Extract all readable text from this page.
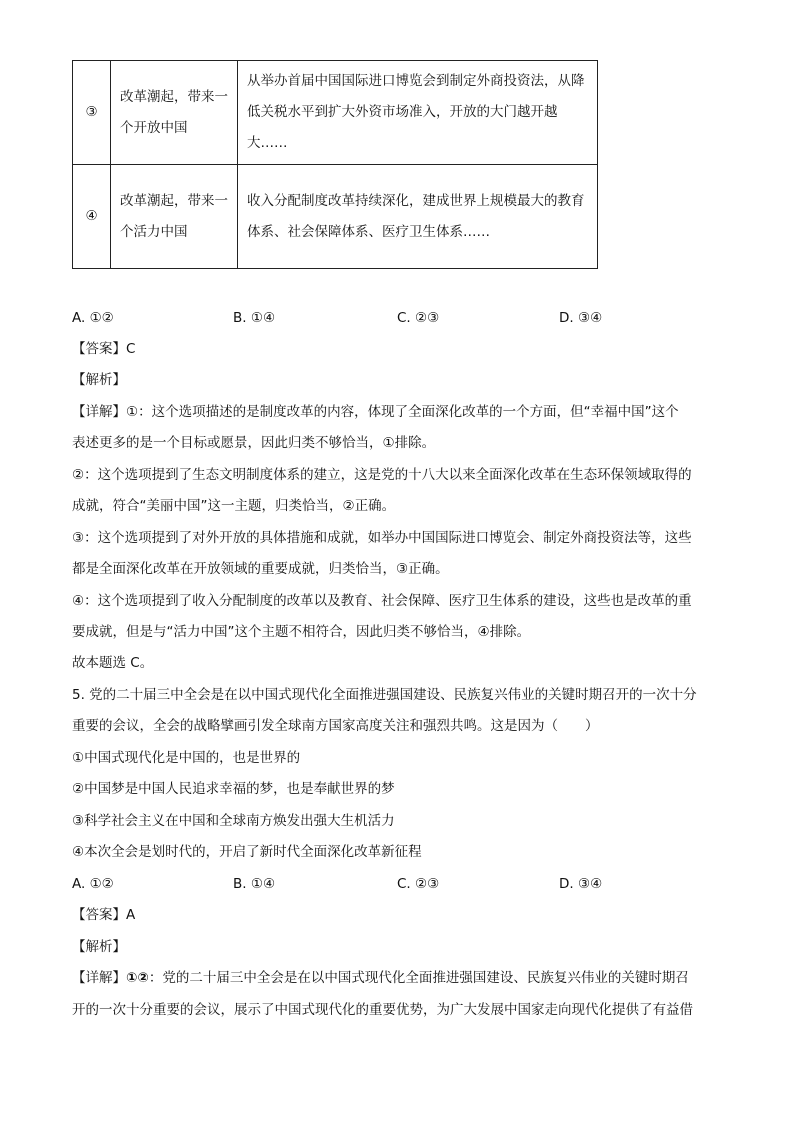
③	改革潮起，带来一个开放中国	从举办首届中国国际进口博览会到制定外商投资法，从降低关税水平到扩大外资市场准入，开放的大门越开越大……
④	改革潮起，带来一个活力中国	收入分配制度改革持续深化，建成世界上规模最大的教育体系、社会保障体系、医疗卫生体系……
A. ①②	B. ①④	C. ②③	D. ③④
【答案】C
【解析】
【详解】①：这个选项描述的是制度改革的内容，体现了全面深化改革的一个方面，但“幸福中国”这个
表述更多的是一个目标或愿景，因此归类不够恰当，①排除。
②：这个选项提到了生态文明制度体系的建立，这是党的十八大以来全面深化改革在生态环保领域取得的
成就，符合“美丽中国”这一主题，归类恰当，②正确。
③：这个选项提到了对外开放的具体措施和成就，如举办中国国际进口博览会、制定外商投资法等，这些
都是全面深化改革在开放领域的重要成就，归类恰当，③正确。
④：这个选项提到了收入分配制度的改革以及教育、社会保障、医疗卫生体系的建设，这些也是改革的重
要成就，但是与“活力中国”这个主题不相符合，因此归类不够恰当，④排除。
故本题选 C。
5. 党的二十届三中全会是在以中国式现代化全面推进强国建设、民族复兴伟业的关键时期召开的一次十分
重要的会议，全会的战略擘画引发全球南方国家高度关注和强烈共鸣。这是因为（　　）
①中国式现代化是中国的，也是世界的
②中国梦是中国人民追求幸福的梦，也是奉献世界的梦
③科学社会主义在中国和全球南方焕发出强大生机活力
④本次全会是划时代的，开启了新时代全面深化改革新征程
A. ①②	B. ①④	C. ②③	D. ③④
【答案】A
【解析】
【详解】①②：党的二十届三中全会是在以中国式现代化全面推进强国建设、民族复兴伟业的关键时期召
开的一次十分重要的会议，展示了中国式现代化的重要优势，为广大发展中国家走向现代化提供了有益借
